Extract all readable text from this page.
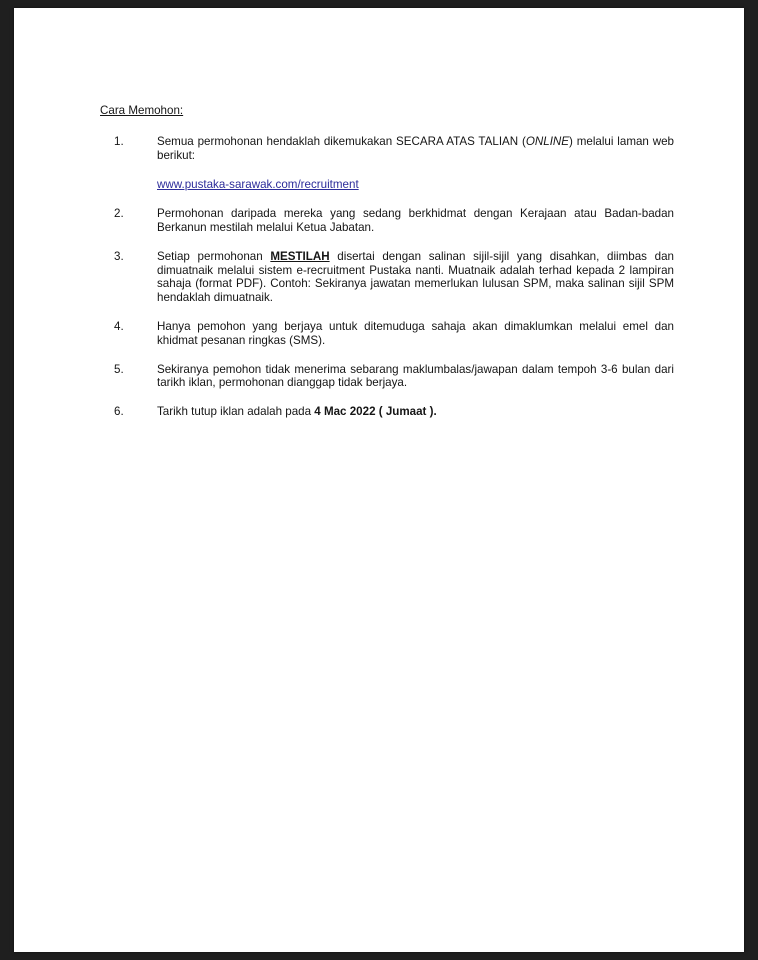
Cara Memohon:

1.	Semua permohonan hendaklah dikemukakan SECARA ATAS TALIAN (ONLINE) melalui laman web berikut:

www.pustaka-sarawak.com/recruitment
2.	Permohonan daripada mereka yang sedang berkhidmat dengan Kerajaan atau Badan-badan Berkanun mestilah melalui Ketua Jabatan.

3.	Setiap permohonan MESTILAH disertai dengan salinan sijil-sijil yang disahkan, diimbas dan dimuatnaik melalui sistem e-recruitment Pustaka nanti. Muatnaik adalah terhad kepada 2 lampiran sahaja (format PDF). Contoh: Sekiranya jawatan memerlukan lulusan SPM, maka salinan sijil SPM hendaklah dimuatnaik.

4.	Hanya pemohon yang berjaya untuk ditemuduga sahaja akan dimaklumkan melalui emel dan khidmat pesanan ringkas (SMS).

5.	Sekiranya pemohon tidak menerima sebarang maklumbalas/jawapan dalam tempoh 3-6 bulan dari tarikh iklan, permohonan dianggap tidak berjaya.

6.	Tarikh tutup iklan adalah pada 4 Mac 2022 ( Jumaat ).
